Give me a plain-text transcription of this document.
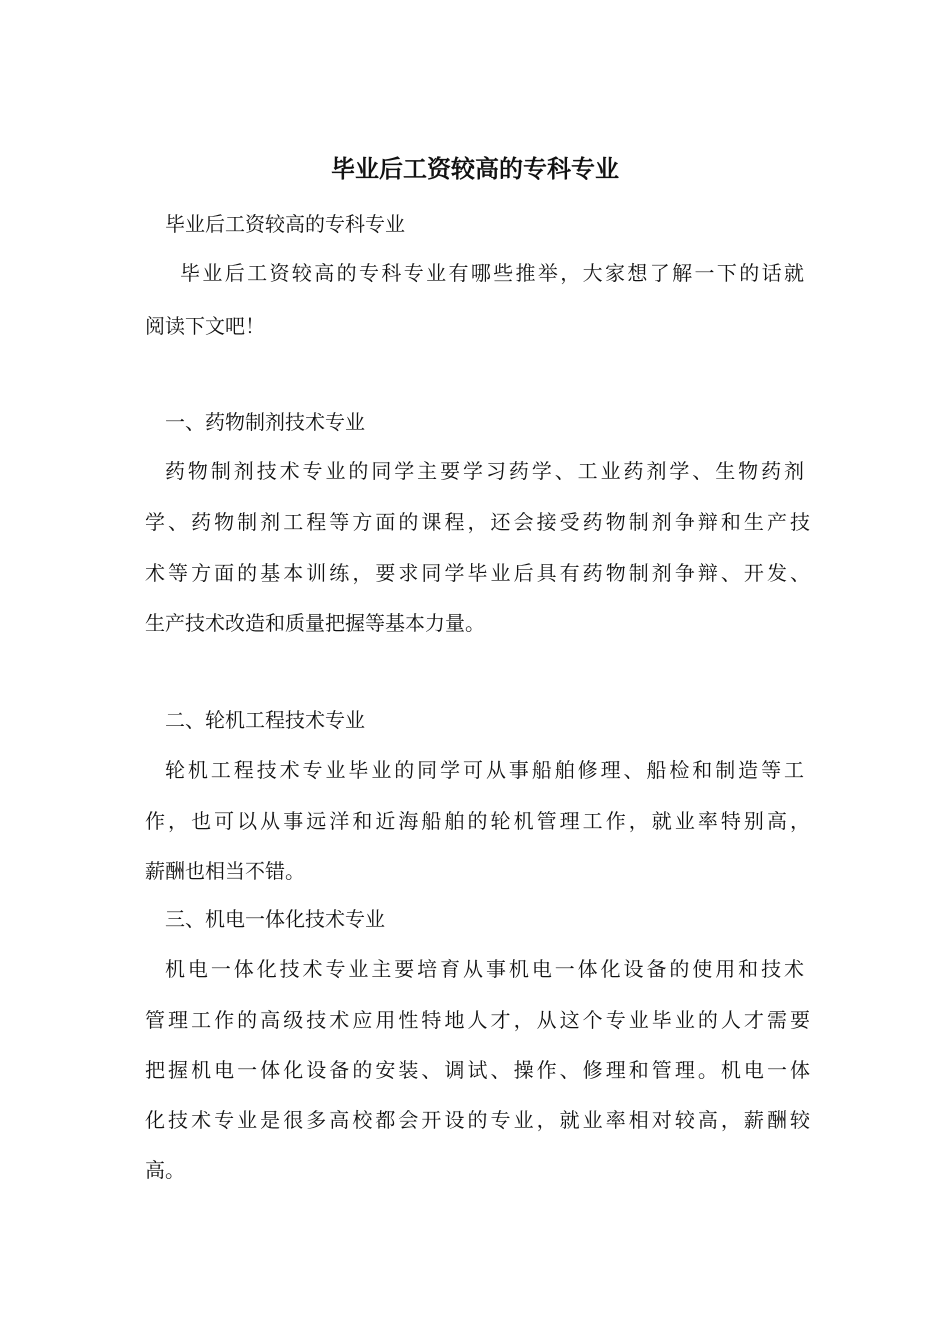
毕业后工资较高的专科专业

毕业后工资较高的专科专业

毕业后工资较高的专科专业有哪些推举，大家想了解一下的话就

阅读下文吧！

一、药物制剂技术专业

药物制剂技术专业的同学主要学习药学、工业药剂学、生物药剂

学、药物制剂工程等方面的课程，还会接受药物制剂争辩和生产技

术等方面的基本训练，要求同学毕业后具有药物制剂争辩、开发、

生产技术改造和质量把握等基本力量。

二、轮机工程技术专业

轮机工程技术专业毕业的同学可从事船舶修理、船检和制造等工

作，也可以从事远洋和近海船舶的轮机管理工作，就业率特别高，

薪酬也相当不错。

三、机电一体化技术专业

机电一体化技术专业主要培育从事机电一体化设备的使用和技术

管理工作的高级技术应用性特地人才，从这个专业毕业的人才需要

把握机电一体化设备的安装、调试、操作、修理和管理。机电一体

化技术专业是很多高校都会开设的专业，就业率相对较高，薪酬较

高。
